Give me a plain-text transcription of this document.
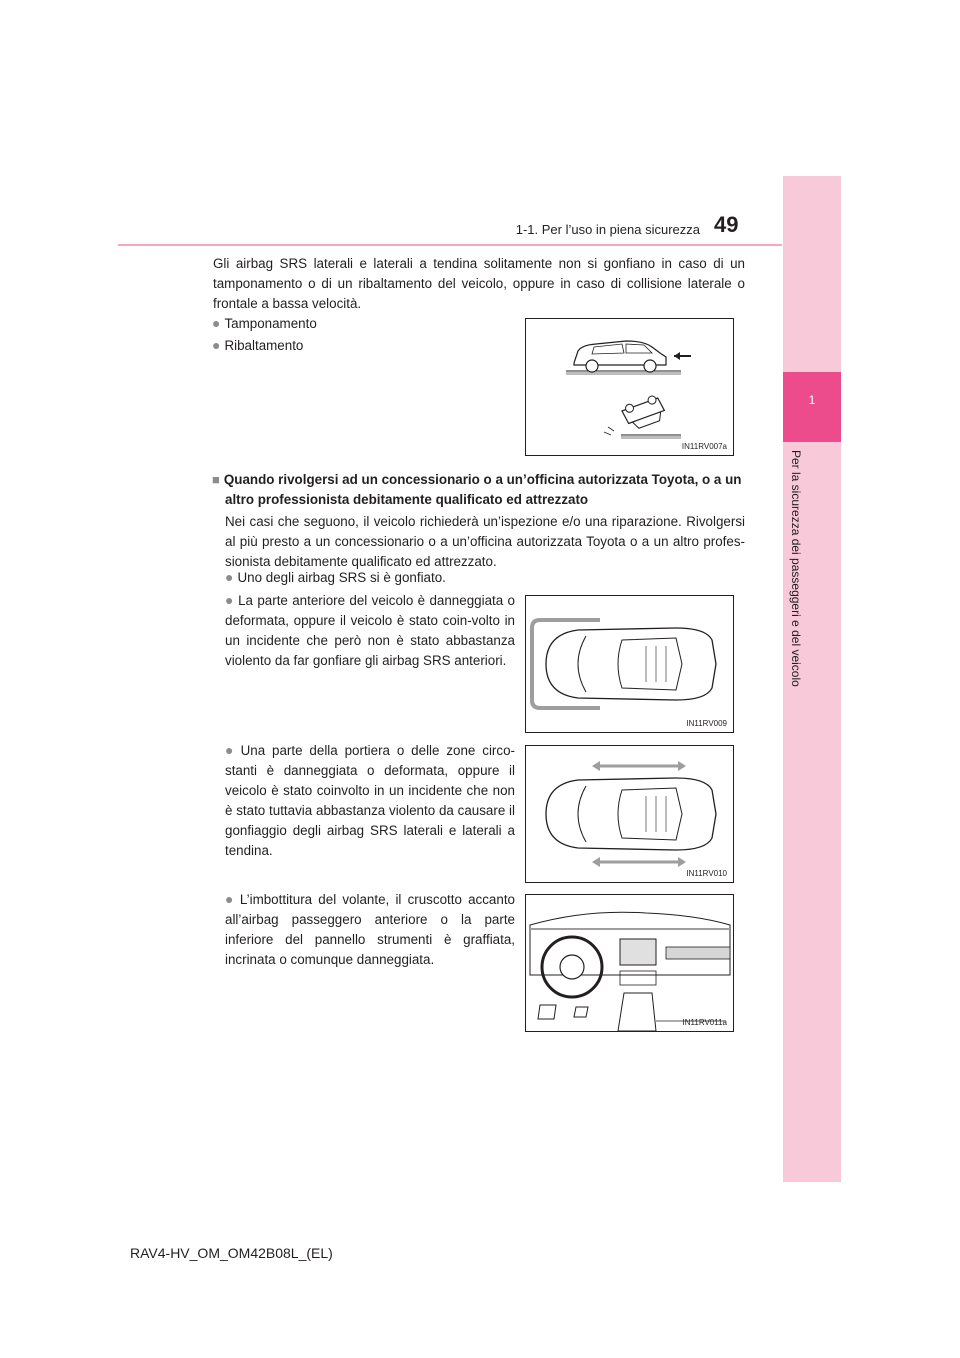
1-1. Per l’uso in piena sicurezza 49
1
Per la sicurezza dei passeggeri e del veicolo
Gli airbag SRS laterali e laterali a tendina solitamente non si gonfiano in caso di un tamponamento o di un ribaltamento del veicolo, oppure in caso di collisione laterale o frontale a bassa velocità.
● Tamponamento
● Ribaltamento
IN11RV007a
■ Quando rivolgersi ad un concessionario o a un’officina autorizzata Toyota, o a un
altro professionista debitamente qualificato ed attrezzato
Nei casi che seguono, il veicolo richiederà un’ispezione e/o una riparazione. Rivolgersi al più presto a un concessionario o a un’officina autorizzata Toyota o a un altro profes-sionista debitamente qualificato ed attrezzato.
● Uno degli airbag SRS si è gonfiato.
● La parte anteriore del veicolo è danneggiata o deformata, oppure il veicolo è stato coin-volto in un incidente che però non è stato abbastanza violento da far gonfiare gli airbag SRS anteriori.
IN11RV009
● Una parte della portiera o delle zone circo-stanti è danneggiata o deformata, oppure il veicolo è stato coinvolto in un incidente che non è stato tuttavia abbastanza violento da causare il gonfiaggio degli airbag SRS laterali e laterali a tendina.
IN11RV010
● L’imbottitura del volante, il cruscotto accanto all’airbag passeggero anteriore o la parte inferiore del pannello strumenti è graffiata, incrinata o comunque danneggiata.
IN11RV011a
RAV4-HV_OM_OM42B08L_(EL)
